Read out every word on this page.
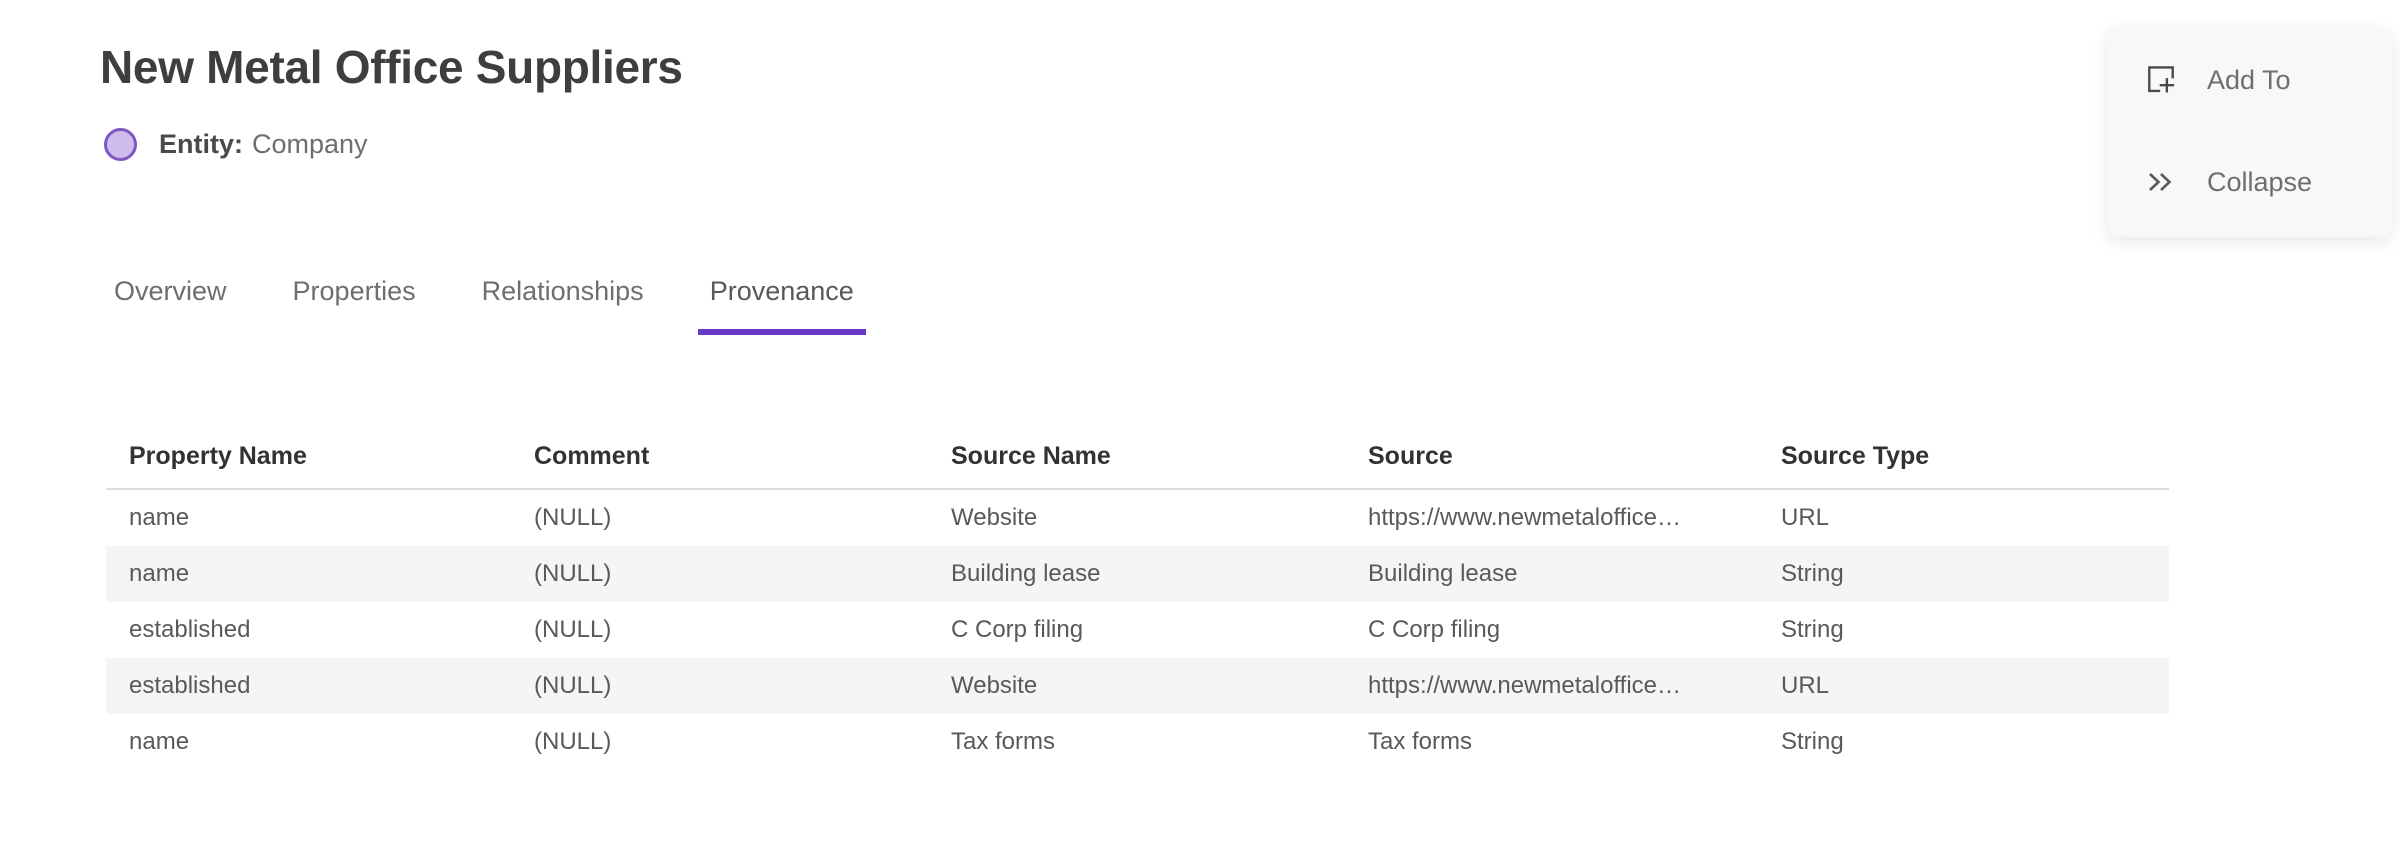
New Metal Office Suppliers
Entity: Company
Add To
Collapse
Overview	Properties	Relationships	Provenance
Property Name	Comment	Source Name	Source	Source Type
name	(NULL)	Website	https://www.newmetaloffice…	URL
name	(NULL)	Building lease	Building lease	String
established	(NULL)	C Corp filing	C Corp filing	String
established	(NULL)	Website	https://www.newmetaloffice…	URL
name	(NULL)	Tax forms	Tax forms	String
